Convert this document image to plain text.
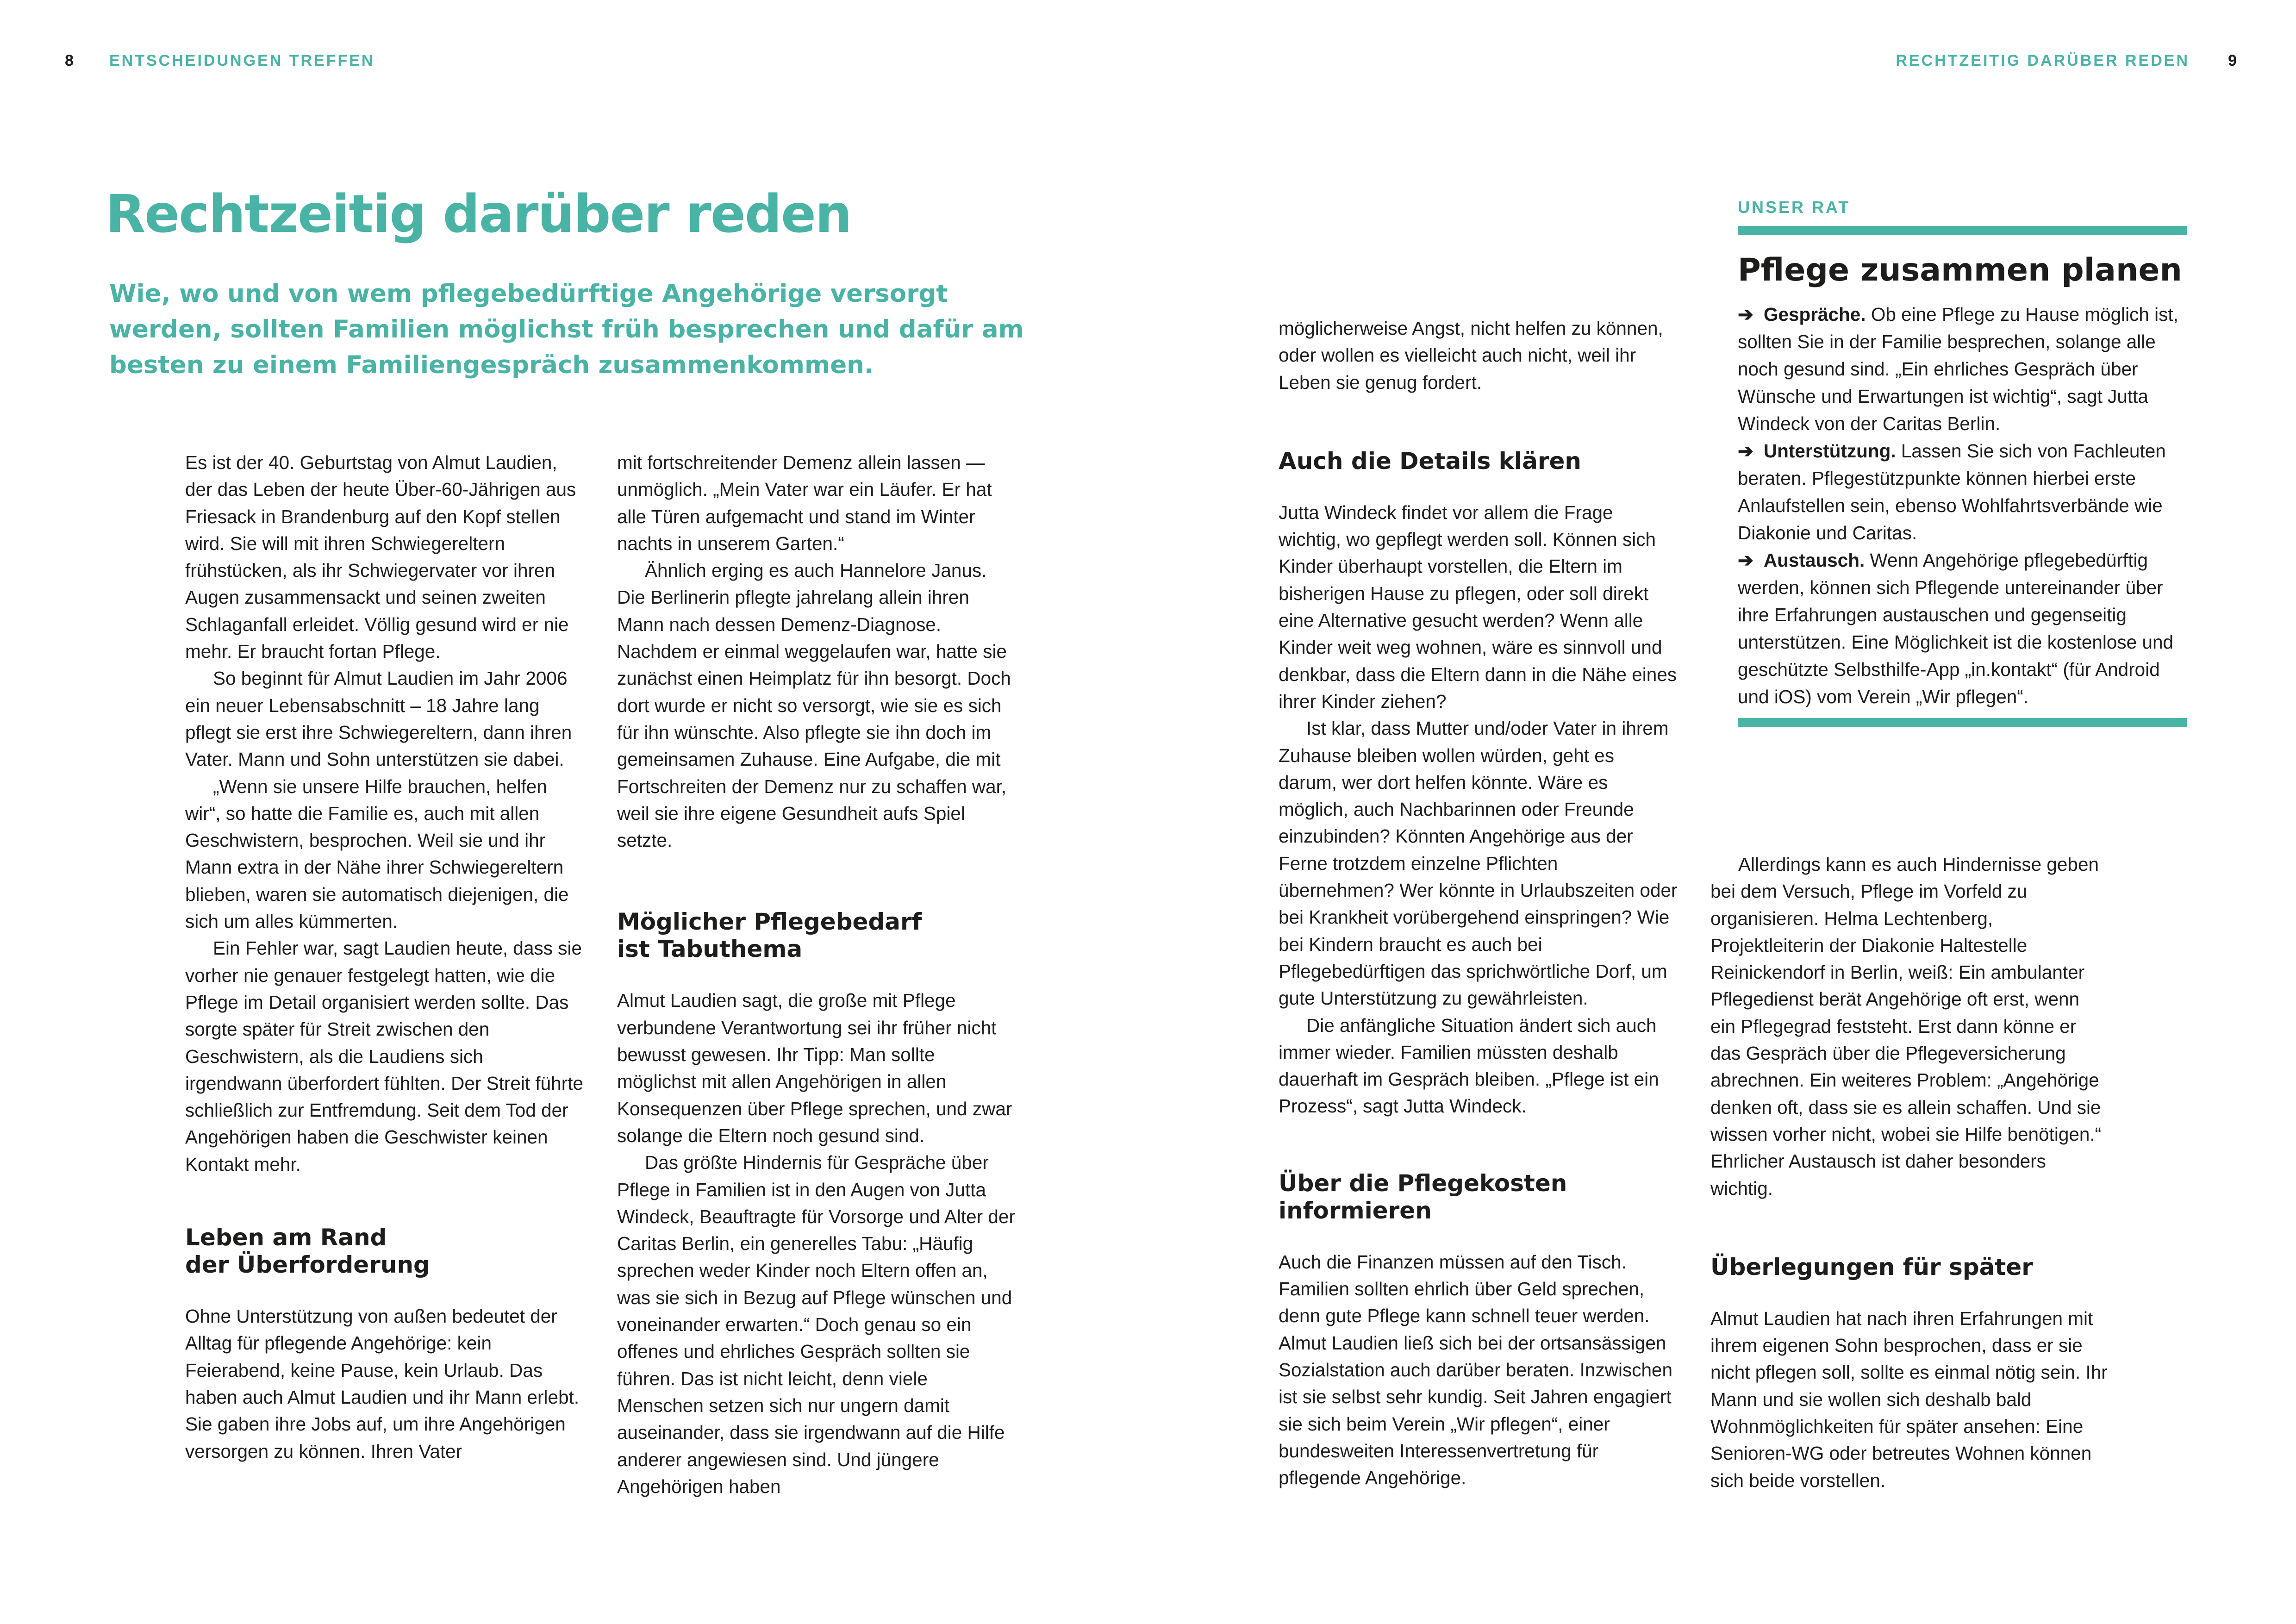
8 ENTSCHEIDUNGEN TREFFEN
Rechtzeitig darüber reden

Wie, wo und von wem pflegebedürftige Angehörige versorgt werden, sollten Familien möglichst früh besprechen und dafür am besten zu einem Familiengespräch zusammenkommen.

Es ist der 40. Geburtstag von Almut Laudien, der das Leben der heute Über-60-Jährigen aus Friesack in Brandenburg auf den Kopf stellen wird. Sie will mit ihren Schwiegereltern frühstücken, als ihr Schwiegervater vor ihren Augen zusammensackt und seinen zweiten Schlaganfall erleidet. Völlig gesund wird er nie mehr. Er braucht fortan Pflege.

So beginnt für Almut Laudien im Jahr 2006 ein neuer Lebensabschnitt – 18 Jahre lang pflegt sie erst ihre Schwiegereltern, dann ihren Vater. Mann und Sohn unterstützen sie dabei.

„Wenn sie unsere Hilfe brauchen, helfen wir“, so hatte die Familie es, auch mit allen Geschwistern, besprochen. Weil sie und ihr Mann extra in der Nähe ihrer Schwiegereltern blieben, waren sie automatisch diejenigen, die sich um alles kümmerten.

Ein Fehler war, sagt Laudien heute, dass sie vorher nie genauer festgelegt hatten, wie die Pflege im Detail organisiert werden sollte. Das sorgte später für Streit zwischen den Geschwistern, als die Laudiens sich irgendwann überfordert fühlten. Der Streit führte schließlich zur Entfremdung. Seit dem Tod der Angehörigen haben die Geschwister keinen Kontakt mehr.

Leben am Rand
der Überforderung

Ohne Unterstützung von außen bedeutet der Alltag für pflegende Angehörige: kein Feierabend, keine Pause, kein Urlaub. Das haben auch Almut Laudien und ihr Mann erlebt. Sie gaben ihre Jobs auf, um ihre Angehörigen versorgen zu können. Ihren Vater

mit fortschreitender Demenz allein lassen — unmöglich. „Mein Vater war ein Läufer. Er hat alle Türen aufgemacht und stand im Winter nachts in unserem Garten.“

Ähnlich erging es auch Hannelore Janus. Die Berlinerin pflegte jahrelang allein ihren Mann nach dessen Demenz-Diagnose. Nachdem er einmal weggelaufen war, hatte sie zunächst einen Heimplatz für ihn besorgt. Doch dort wurde er nicht so versorgt, wie sie es sich für ihn wünschte. Also pflegte sie ihn doch im gemeinsamen Zuhause. Eine Aufgabe, die mit Fortschreiten der Demenz nur zu schaffen war, weil sie ihre eigene Gesundheit aufs Spiel setzte.

Möglicher Pflegebedarf
ist Tabuthema

Almut Laudien sagt, die große mit Pflege verbundene Verantwortung sei ihr früher nicht bewusst gewesen. Ihr Tipp: Man sollte möglichst mit allen Angehörigen in allen Konsequenzen über Pflege sprechen, und zwar solange die Eltern noch gesund sind.

Das größte Hindernis für Gespräche über Pflege in Familien ist in den Augen von Jutta Windeck, Beauftragte für Vorsorge und Alter der Caritas Berlin, ein generelles Tabu: „Häufig sprechen weder Kinder noch Eltern offen an, was sie sich in Bezug auf Pflege wünschen und voneinander erwarten.“ Doch genau so ein offenes und ehrliches Gespräch sollten sie führen. Das ist nicht leicht, denn viele Menschen setzen sich nur ungern damit auseinander, dass sie irgendwann auf die Hilfe anderer angewiesen sind. Und jüngere Angehörigen haben

RECHTZEITIG DARÜBER REDEN 9

möglicherweise Angst, nicht helfen zu können, oder wollen es vielleicht auch nicht, weil ihr Leben sie genug fordert.

Auch die Details klären

Jutta Windeck findet vor allem die Frage wichtig, wo gepflegt werden soll. Können sich Kinder überhaupt vorstellen, die Eltern im bisherigen Hause zu pflegen, oder soll direkt eine Alternative gesucht werden? Wenn alle Kinder weit weg wohnen, wäre es sinnvoll und denkbar, dass die Eltern dann in die Nähe eines ihrer Kinder ziehen?

Ist klar, dass Mutter und/oder Vater in ihrem Zuhause bleiben wollen würden, geht es darum, wer dort helfen könnte. Wäre es möglich, auch Nachbarinnen oder Freunde einzubinden? Könnten Angehörige aus der Ferne trotzdem einzelne Pflichten übernehmen? Wer könnte in Urlaubszeiten oder bei Krankheit vorübergehend einspringen? Wie bei Kindern braucht es auch bei Pflegebedürftigen das sprichwörtliche Dorf, um gute Unterstützung zu gewährleisten.

Die anfängliche Situation ändert sich auch immer wieder. Familien müssten deshalb dauerhaft im Gespräch bleiben. „Pflege ist ein Prozess“, sagt Jutta Windeck.

Über die Pflegekosten
informieren

Auch die Finanzen müssen auf den Tisch. Familien sollten ehrlich über Geld sprechen, denn gute Pflege kann schnell teuer werden. Almut Laudien ließ sich bei der ortsansässigen Sozialstation auch darüber beraten. Inzwischen ist sie selbst sehr kundig. Seit Jahren engagiert sie sich beim Verein „Wir pflegen“, einer bundesweiten Interessenvertretung für pflegende Angehörige.

UNSER RAT

Pflege zusammen planen

➔ Gespräche. Ob eine Pflege zu Hause möglich ist, sollten Sie in der Familie besprechen, solange alle noch gesund sind. „Ein ehrliches Gespräch über Wünsche und Erwartungen ist wichtig“, sagt Jutta Windeck von der Caritas Berlin.

➔ Unterstützung. Lassen Sie sich von Fachleuten beraten. Pflegestützpunkte können hierbei erste Anlaufstellen sein, ebenso Wohlfahrtsverbände wie Diakonie und Caritas.

➔ Austausch. Wenn Angehörige pflegebedürftig werden, können sich Pflegende untereinander über ihre Erfahrungen austauschen und gegenseitig unterstützen. Eine Möglichkeit ist die kostenlose und geschützte Selbsthilfe-App „in.kontakt“ (für Android und iOS) vom Verein „Wir pflegen“.

Allerdings kann es auch Hindernisse geben bei dem Versuch, Pflege im Vorfeld zu organisieren. Helma Lechtenberg, Projektleiterin der Diakonie Haltestelle Reinickendorf in Berlin, weiß: Ein ambulanter Pflegedienst berät Angehörige oft erst, wenn ein Pflegegrad feststeht. Erst dann könne er das Gespräch über die Pflegeversicherung abrechnen. Ein weiteres Problem: „Angehörige denken oft, dass sie es allein schaffen. Und sie wissen vorher nicht, wobei sie Hilfe benötigen.“ Ehrlicher Austausch ist daher besonders wichtig.

Überlegungen für später

Almut Laudien hat nach ihren Erfahrungen mit ihrem eigenen Sohn besprochen, dass er sie nicht pflegen soll, sollte es einmal nötig sein. Ihr Mann und sie wollen sich deshalb bald Wohnmöglichkeiten für später ansehen: Eine Senioren-WG oder betreutes Wohnen können sich beide vorstellen.
